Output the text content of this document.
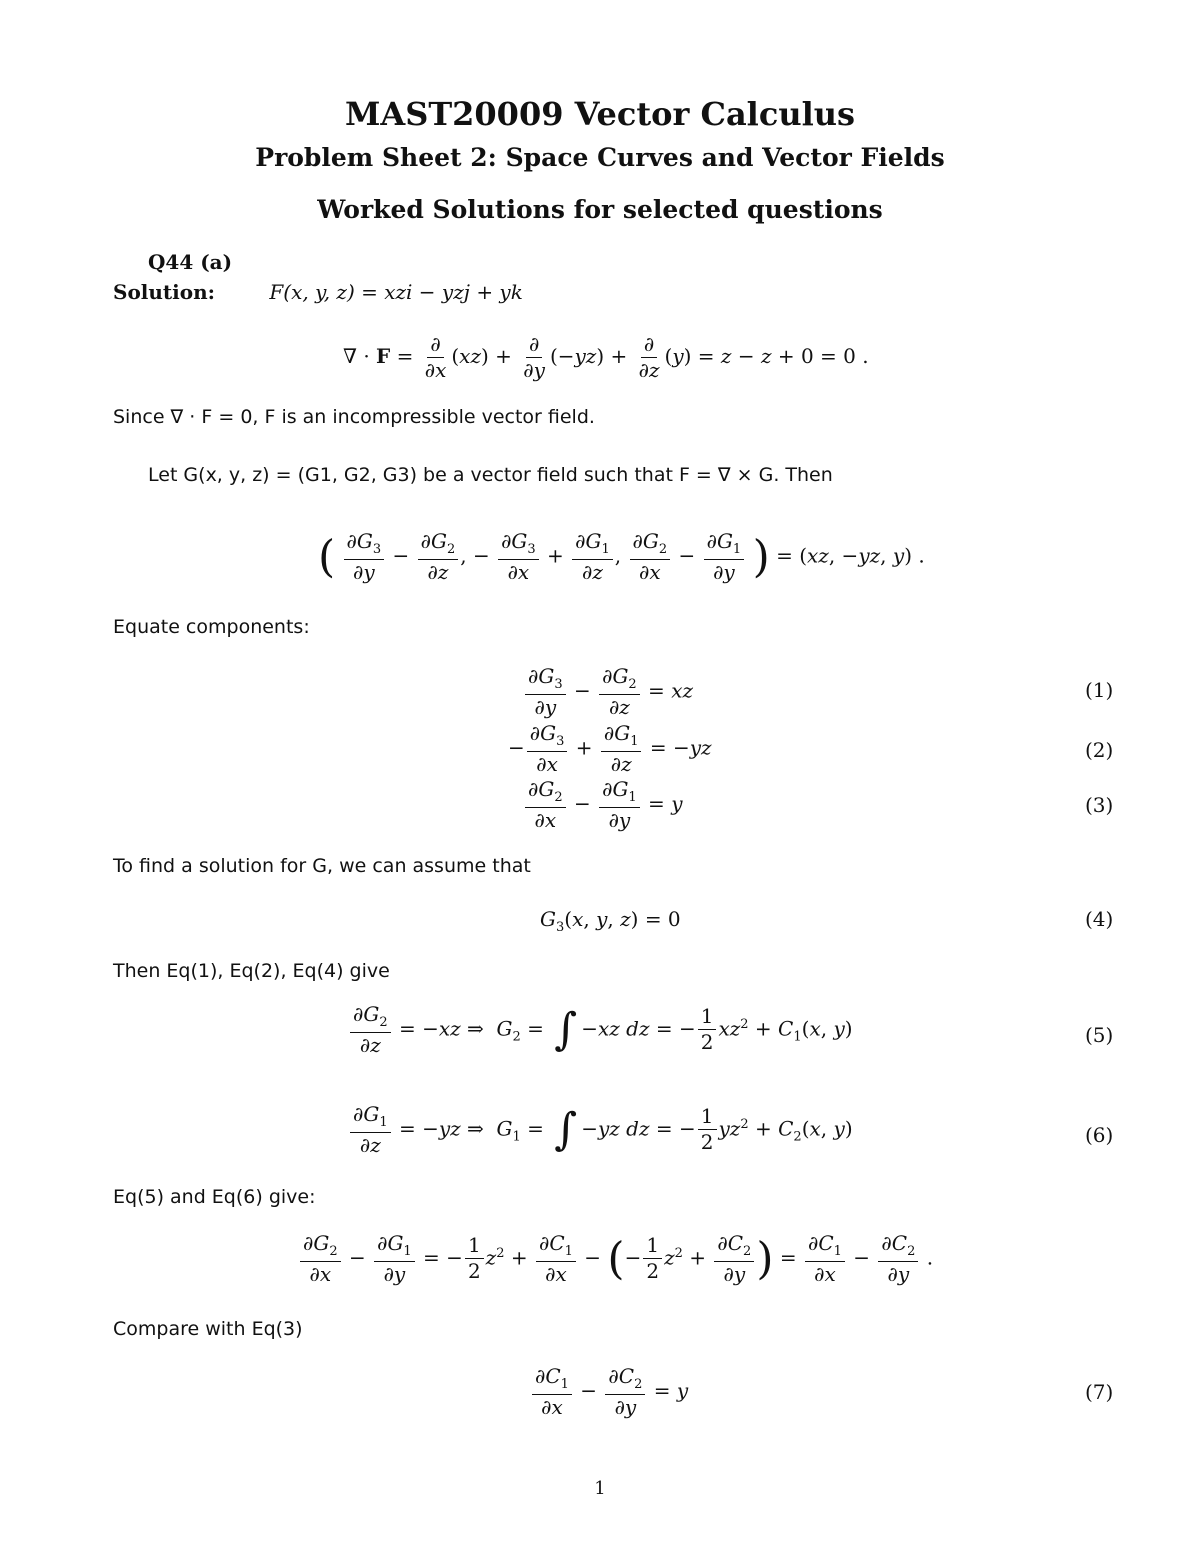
MAST20009 Vector Calculus
Problem Sheet 2: Space Curves and Vector Fields
Worked Solutions for selected questions
Q44 (a)
Solution:	F(x, y, z) = xzi − yzj + yk
∇ · $F = \frac{\partial}{\partial x} (xz) + \frac{\partial}{\partial y} (-yz) + \frac{\partial}{\partial z} (y) = z - z + 0 = 0$ .
Since ∇ · F = 0, F is an incompressible vector field.
Let G(x, y, z) = (G1, G2, G3) be a vector field such that F = ∇ × G. Then
( $\frac{\partial G_3}{\partial y} - \frac{\partial G_2}{\partial z}$ , − $\frac{\partial G_3}{\partial x} + \frac{\partial G_1}{\partial z}$ , $\frac{\partial G_2}{\partial x} - \frac{\partial G_1}{\partial y}$ ) = (xz, −yz, y) .
Equate components:
$\frac{\partial G_3}{\partial y} - \frac{\partial G_2}{\partial z}$ = xz	(1)
− $\frac{\partial G_3}{\partial x} + \frac{\partial G_1}{\partial z} = -yz$	(2)
$\frac{\partial G_2}{\partial x} - \frac{\partial G_1}{\partial y} = y$	(3)
To find a solution for G, we can assume that
$G_3(x$, y, z) = 0	(4)
Then Eq(1), Eq(2), Eq(4) give
$\frac{\partial G_2}{\partial z} = -xz$ ⇒  $G_2$ = ∫ −xz dz = − $\frac{1}{2} xz^2 + C_1(x$, y)	(5)
$\frac{\partial G_1}{\partial z} = -yz$ ⇒  $G_1$ = ∫ −yz dz = − $\frac{1}{2} yz^2 + C_2(x$, y)	(6)
Eq(5) and Eq(6) give:
$\frac{\partial G_2}{\partial x} - \frac{\partial G_1}{\partial y}$ = − $\frac{1}{2} z^2 + \frac{\partial C_1}{\partial x}$ − (− $\frac{1}{2} z^2 + \frac{\partial C_2}{\partial y}$ ) = $\frac{\partial C_1}{\partial x} - \frac{\partial C_2}{\partial y}$ .
Compare with Eq(3)
$\frac{\partial C_1}{\partial x} - \frac{\partial C_2}{\partial y} = y$	(7)
1
